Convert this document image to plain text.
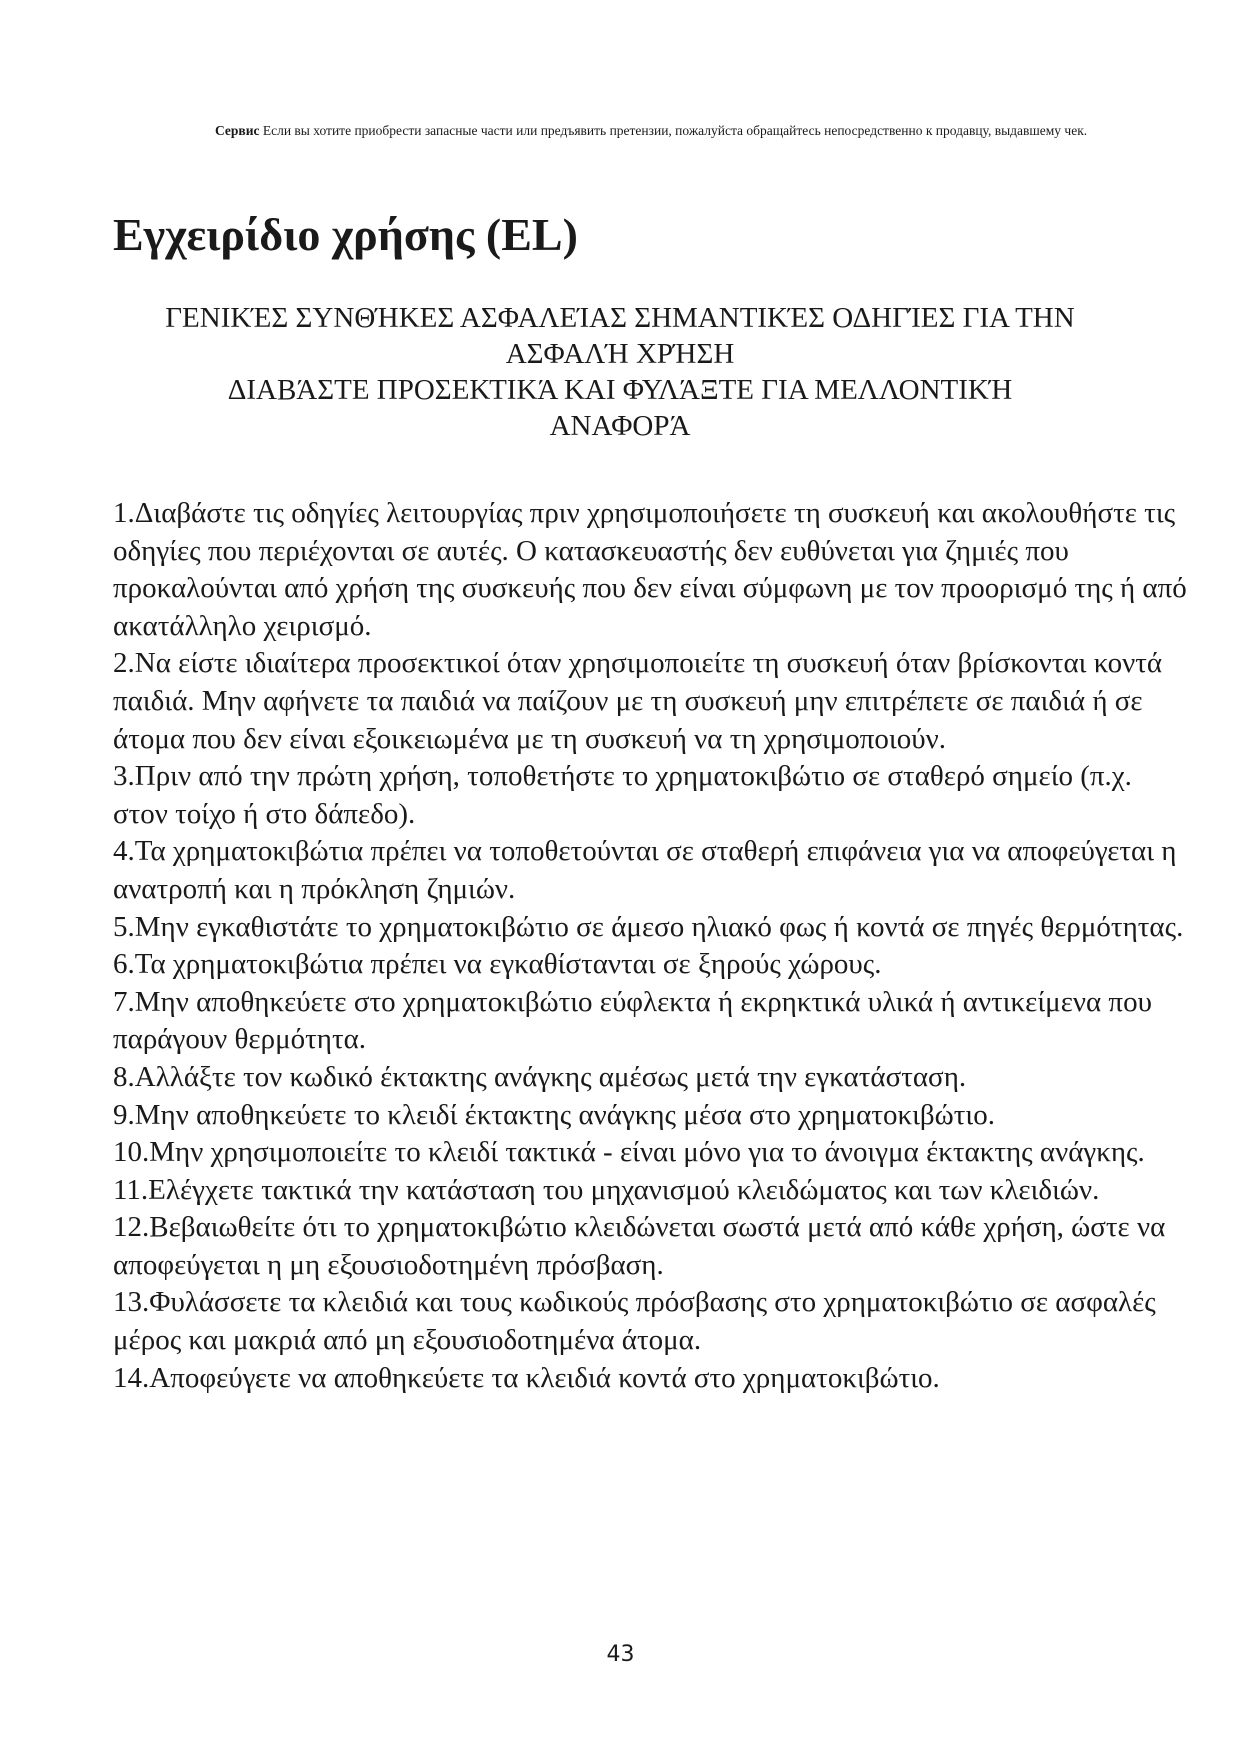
Сервис Если вы хотите приобрести запасные части или предъявить претензии, пожалуйста обращайтесь непосредственно к продавцу, выдавшему чек.
Εγχειρίδιο χρήσης (EL)
ΓΕΝΙΚΈΣ ΣΥΝΘΉΚΕΣ ΑΣΦΑΛΕΊΑΣ ΣΗΜΑΝΤΙΚΈΣ ΟΔΗΓΊΕΣ ΓΙΑ ΤΗΝ
ΑΣΦΑΛΉ ΧΡΉΣΗ
ΔΙΑΒΆΣΤΕ ΠΡΟΣΕΚΤΙΚΆ ΚΑΙ ΦΥΛΆΞΤΕ ΓΙΑ ΜΕΛΛΟΝΤΙΚΉ
ΑΝΑΦΟΡΆ

1.Διαβάστε τις οδηγίες λειτουργίας πριν χρησιμοποιήσετε τη συσκευή και ακολουθήστε τις οδηγίες που περιέχονται σε αυτές. Ο κατασκευαστής δεν ευθύνεται για ζημιές που προκαλούνται από χρήση της συσκευής που δεν είναι σύμφωνη με τον προορισμό της ή από ακατάλληλο χειρισμό.

2.Να είστε ιδιαίτερα προσεκτικοί όταν χρησιμοποιείτε τη συσκευή όταν βρίσκονται κοντά παιδιά. Μην αφήνετε τα παιδιά να παίζουν με τη συσκευή μην επιτρέπετε σε παιδιά ή σε άτομα που δεν είναι εξοικειωμένα με τη συσκευή να τη χρησιμοποιούν.

3.Πριν από την πρώτη χρήση, τοποθετήστε το χρηματοκιβώτιο σε σταθερό σημείο (π.χ. στον τοίχο ή στο δάπεδο).

4.Τα χρηματοκιβώτια πρέπει να τοποθετούνται σε σταθερή επιφάνεια για να αποφεύγεται η ανατροπή και η πρόκληση ζημιών.

5.Μην εγκαθιστάτε το χρηματοκιβώτιο σε άμεσο ηλιακό φως ή κοντά σε πηγές θερμότητας.

6.Τα χρηματοκιβώτια πρέπει να εγκαθίστανται σε ξηρούς χώρους.

7.Μην αποθηκεύετε στο χρηματοκιβώτιο εύφλεκτα ή εκρηκτικά υλικά ή αντικείμενα που παράγουν θερμότητα.

8.Αλλάξτε τον κωδικό έκτακτης ανάγκης αμέσως μετά την εγκατάσταση.

9.Μην αποθηκεύετε το κλειδί έκτακτης ανάγκης μέσα στο χρηματοκιβώτιο.

10.Μην χρησιμοποιείτε το κλειδί τακτικά - είναι μόνο για το άνοιγμα έκτακτης ανάγκης.

11.Ελέγχετε τακτικά την κατάσταση του μηχανισμού κλειδώματος και των κλειδιών.

12.Βεβαιωθείτε ότι το χρηματοκιβώτιο κλειδώνεται σωστά μετά από κάθε χρήση, ώστε να αποφεύγεται η μη εξουσιοδοτημένη πρόσβαση.

13.Φυλάσσετε τα κλειδιά και τους κωδικούς πρόσβασης στο χρηματοκιβώτιο σε ασφαλές μέρος και μακριά από μη εξουσιοδοτημένα άτομα.

14.Αποφεύγετε να αποθηκεύετε τα κλειδιά κοντά στο χρηματοκιβώτιο.

43
